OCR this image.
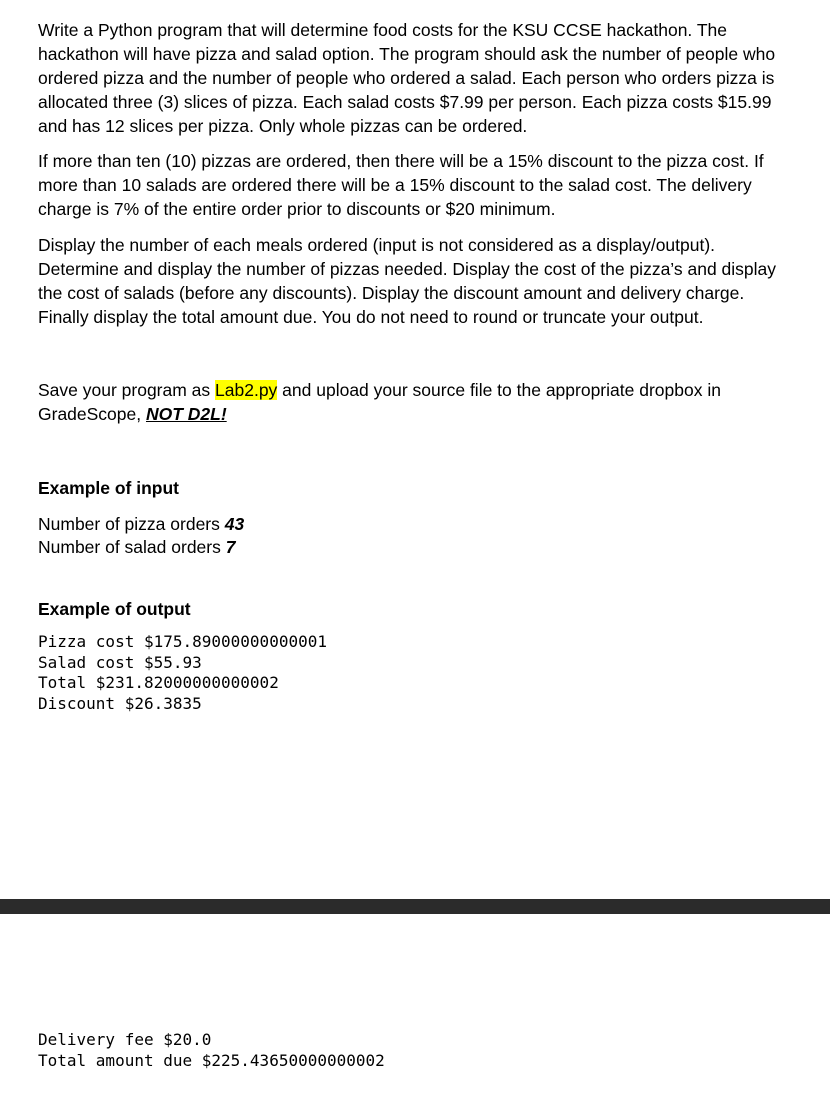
Write a Python program that will determine food costs for the KSU CCSE hackathon. The hackathon will have pizza and salad option. The program should ask the number of people who ordered pizza and the number of people who ordered a salad. Each person who orders pizza is allocated three (3) slices of pizza. Each salad costs $7.99 per person. Each pizza costs $15.99 and has 12 slices per pizza. Only whole pizzas can be ordered.

If more than ten (10) pizzas are ordered, then there will be a 15% discount to the pizza cost. If more than 10 salads are ordered there will be a 15% discount to the salad cost. The delivery charge is 7% of the entire order prior to discounts or $20 minimum.

Display the number of each meals ordered (input is not considered as a display/output). Determine and display the number of pizzas needed. Display the cost of the pizza’s and display the cost of salads (before any discounts). Display the discount amount and delivery charge. Finally display the total amount due. You do not need to round or truncate your output.

Save your program as Lab2.py and upload your source file to the appropriate dropbox in GradeScope, NOT D2L!

Example of input

Number of pizza orders 43

Number of salad orders 7

Example of output

Pizza cost $175.89000000000001

Salad cost $55.93

Total $231.82000000000002

Discount $26.3835

Delivery fee $20.0

Total amount due $225.43650000000002
